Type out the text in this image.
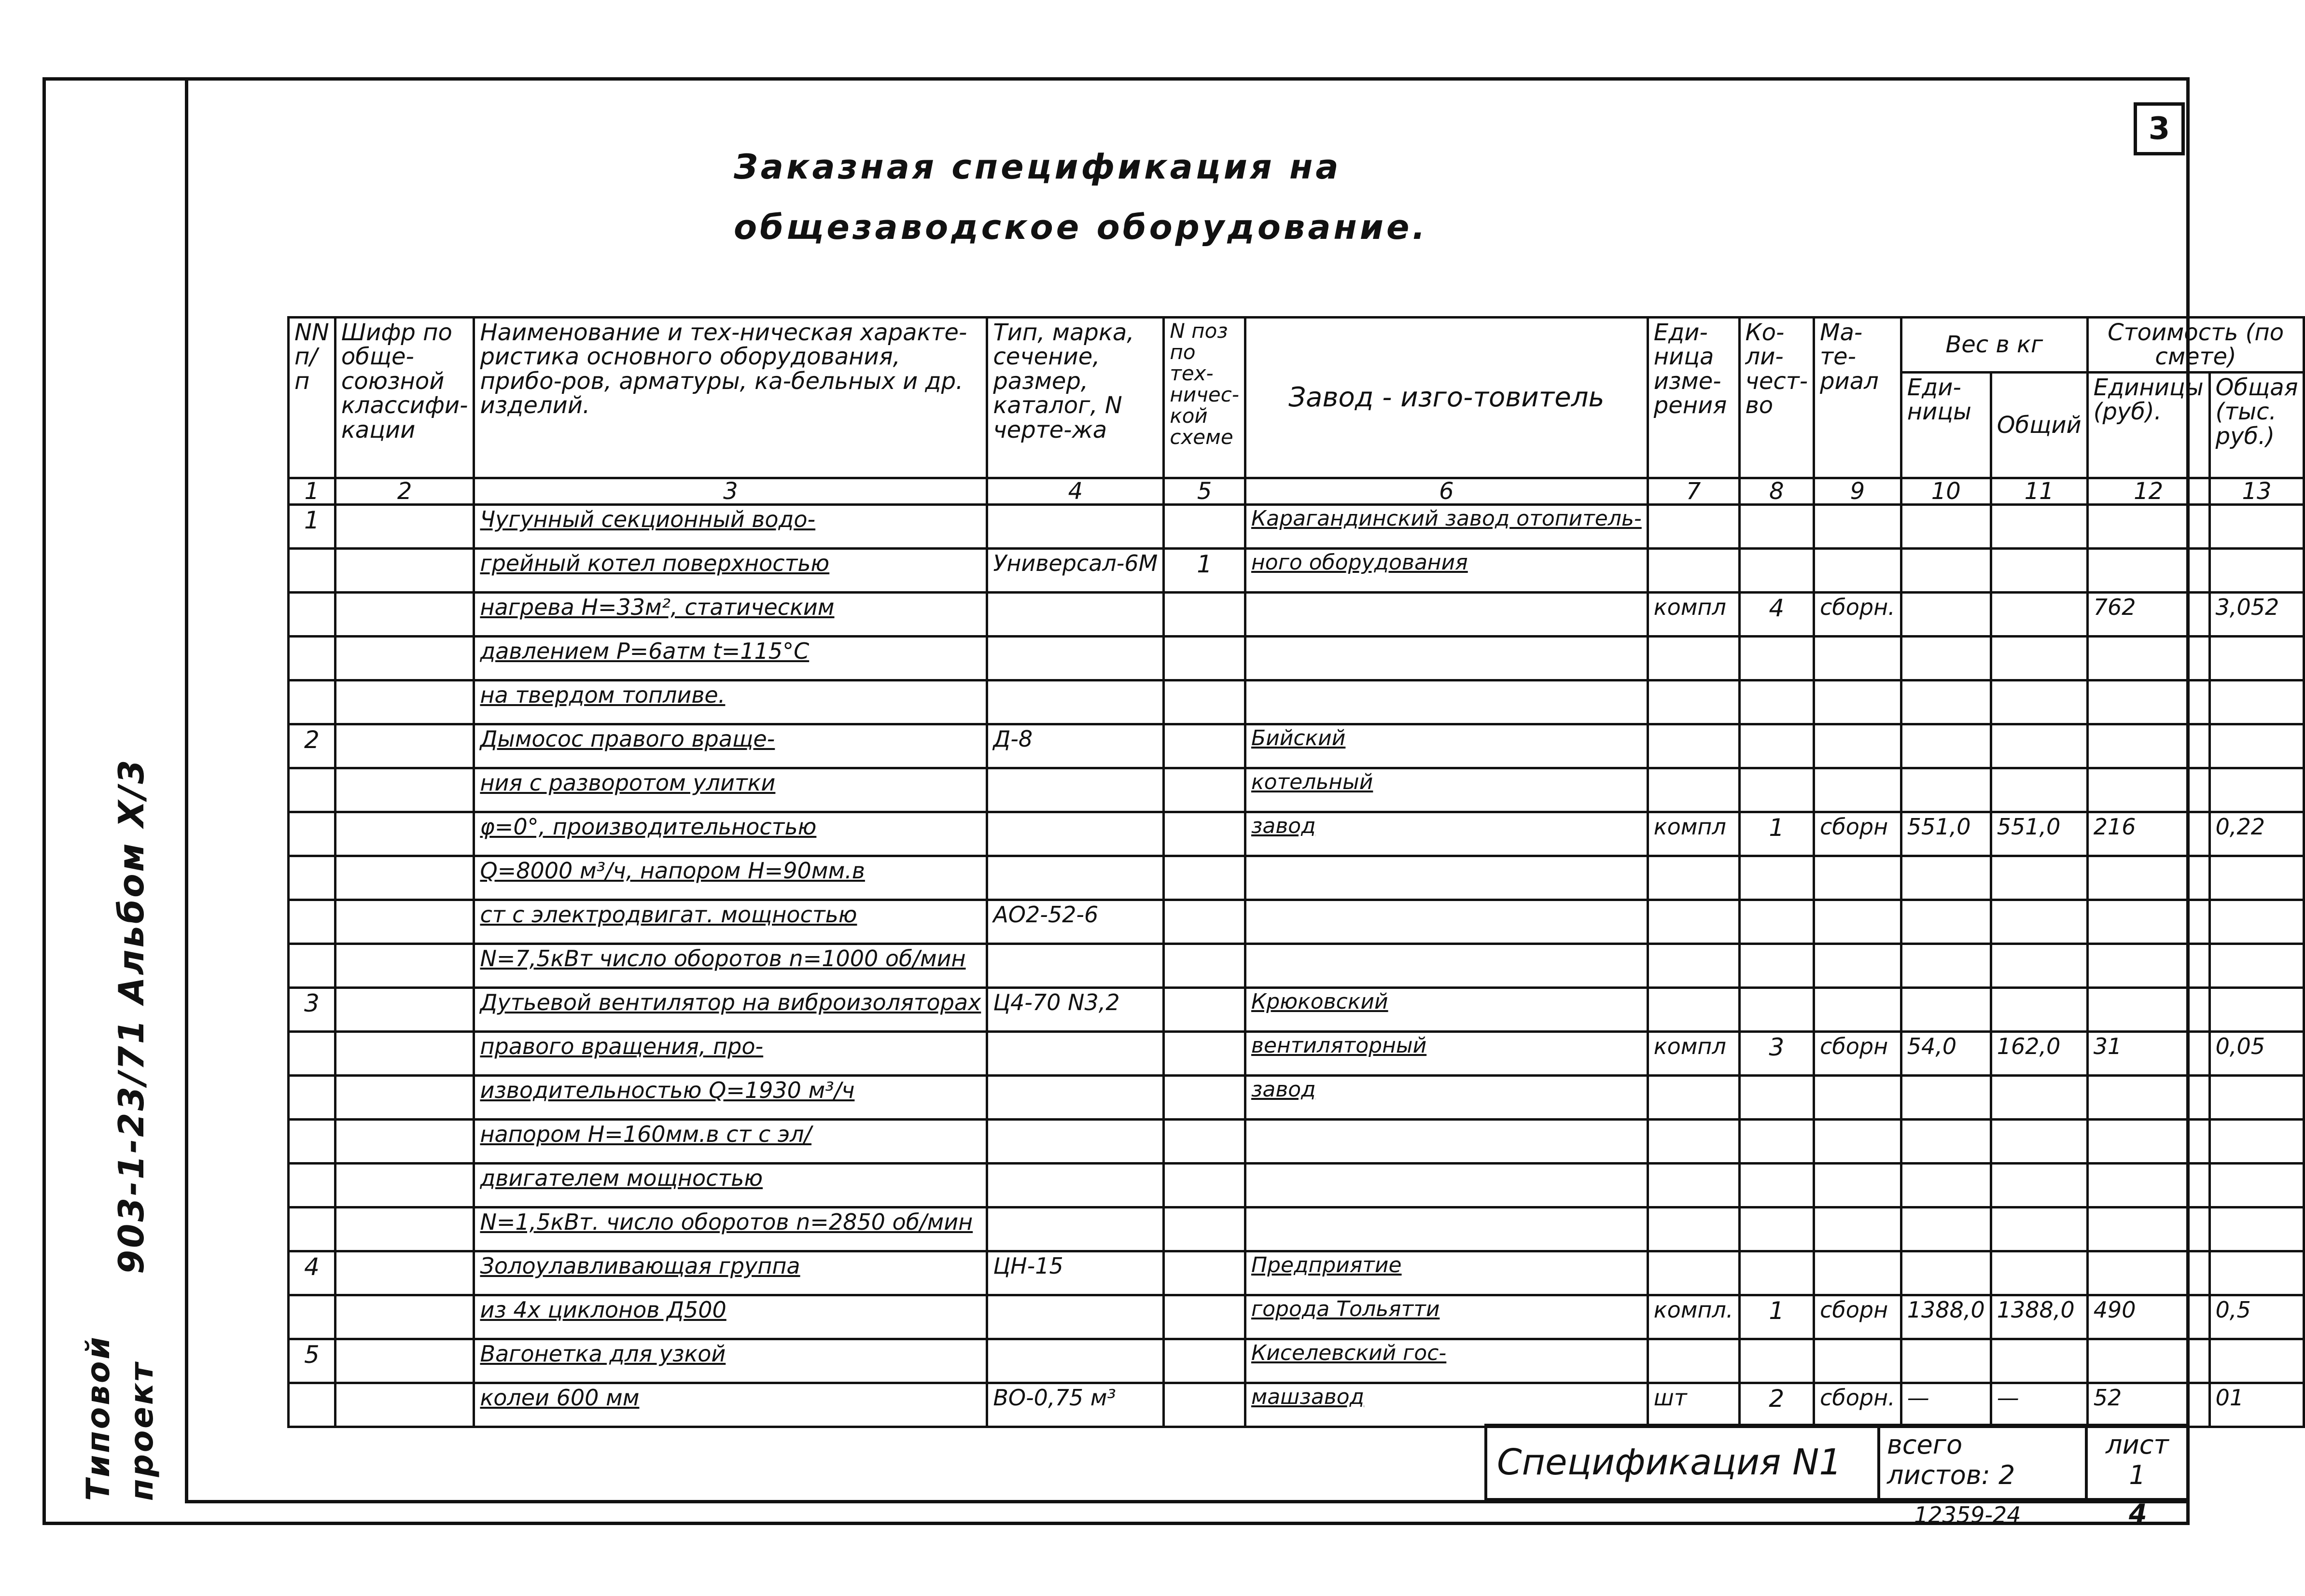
903-1-23/71 Альбом X/3
Типовой проект
3
Заказная спецификация на
общезаводское оборудование.
NN п/п	Шифр по обще-союзной классифи-кации	Наименование и тех-ническая характе-ристика основного оборудования, прибо-ров, арматуры, ка-бельных и др. изделий.	Тип, марка, сечение, размер, каталог, N черте-жа	N поз по тех-ничес-кой схеме	Завод - изго-товитель	Еди-ница изме-рения	Ко-ли-чест-во	Ма-те-риал	Вес в кг		Стоимость (по смете)	
									Еди-ницы	Общий	Единицы (руб).	Общая (тыс. руб.)
1	2	3	4	5	6	7	8	9	10	11	12	13
1		Чугунный секционный водо-			Карагандинский завод отопитель-							
		грейный котел поверхностью	Универсал-6М	1	ного оборудования							
		нагрева H=33м², статическим				компл	4	сборн.			762	3,052
		давлением P=6атм t=115°C										
		на твердом топливе.										
2		Дымосос правого враще-	Д-8		Бийский							
		ния с разворотом улитки			котельный							
		φ=0°, производительностью			завод	компл	1	сборн	551,0	551,0	216	0,22
		Q=8000 м³/ч, напором H=90мм.в										
		ст с электродвигат. мощностью	АО2-52-6									
		N=7,5кВт число оборотов n=1000 об/мин										
3		Дутьевой вентилятор на виброизоляторах	Ц4-70 N3,2		Крюковский							
		правого вращения, про-			вентиляторный	компл	3	сборн	54,0	162,0	31	0,05
		изводительностью Q=1930 м³/ч			завод							
		напором H=160мм.в ст с эл/										
		двигателем мощностью										
		N=1,5кВт. число оборотов n=2850 об/мин										
4		Золоулавливающая группа	ЦН-15		Предприятие							
		из 4х циклонов Д500			города Тольятти	компл.	1	сборн	1388,0	1388,0	490	0,5
5		Вагонетка для узкой			Киселевский гос-							
		колеи 600 мм	ВО-0,75 м³		машзавод	шт	2	сборн.	—	—	52	01
Спецификация N1	всего
листов: 2
лист
1
12359-24	4
